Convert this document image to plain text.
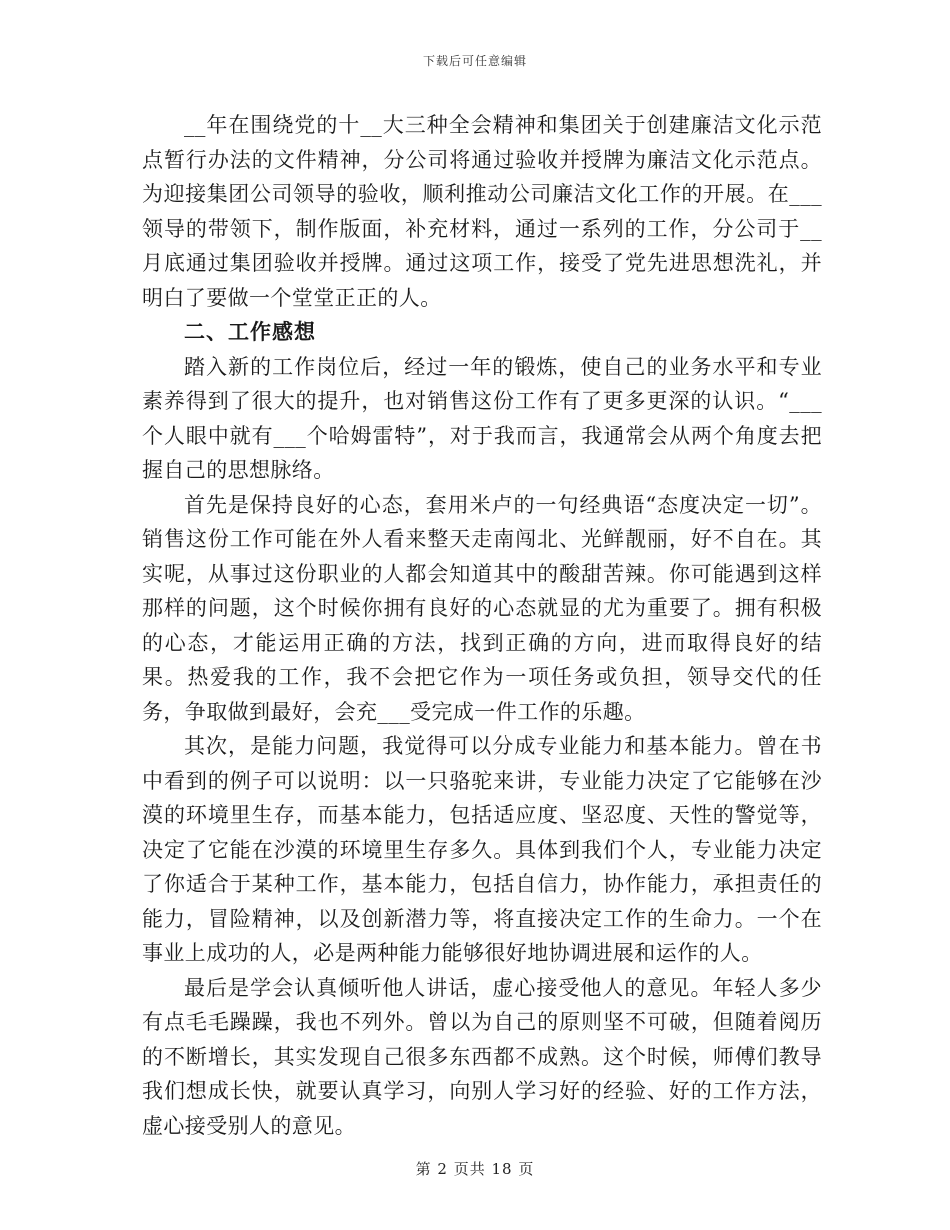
下载后可任意编辑

__年在围绕党的十__大三种全会精神和集团关于创建廉洁文化示范点暂行办法的文件精神，分公司将通过验收并授牌为廉洁文化示范点。为迎接集团公司领导的验收，顺利推动公司廉洁文化工作的开展。在___领导的带领下，制作版面，补充材料，通过一系列的工作，分公司于__月底通过集团验收并授牌。通过这项工作，接受了党先进思想洗礼，并明白了要做一个堂堂正正的人。

二、工作感想

踏入新的工作岗位后，经过一年的锻炼，使自己的业务水平和专业素养得到了很大的提升，也对销售这份工作有了更多更深的认识。“___个人眼中就有___个哈姆雷特”，对于我而言，我通常会从两个角度去把握自己的思想脉络。

首先是保持良好的心态，套用米卢的一句经典语“态度决定一切”。销售这份工作可能在外人看来整天走南闯北、光鲜靓丽，好不自在。其实呢，从事过这份职业的人都会知道其中的酸甜苦辣。你可能遇到这样那样的问题，这个时候你拥有良好的心态就显的尤为重要了。拥有积极的心态，才能运用正确的方法，找到正确的方向，进而取得良好的结果。热爱我的工作，我不会把它作为一项任务或负担，领导交代的任务，争取做到最好，会充___受完成一件工作的乐趣。

其次，是能力问题，我觉得可以分成专业能力和基本能力。曾在书中看到的例子可以说明：以一只骆驼来讲，专业能力决定了它能够在沙漠的环境里生存，而基本能力，包括适应度、坚忍度、天性的警觉等，决定了它能在沙漠的环境里生存多久。具体到我们个人，专业能力决定了你适合于某种工作，基本能力，包括自信力，协作能力，承担责任的能力，冒险精神，以及创新潜力等，将直接决定工作的生命力。一个在事业上成功的人，必是两种能力能够很好地协调进展和运作的人。

最后是学会认真倾听他人讲话，虚心接受他人的意见。年轻人多少有点毛毛躁躁，我也不列外。曾以为自己的原则坚不可破，但随着阅历的不断增长，其实发现自己很多东西都不成熟。这个时候，师傅们教导我们想成长快，就要认真学习，向别人学习好的经验、好的工作方法，虚心接受别人的意见。

第 2 页共 18 页
